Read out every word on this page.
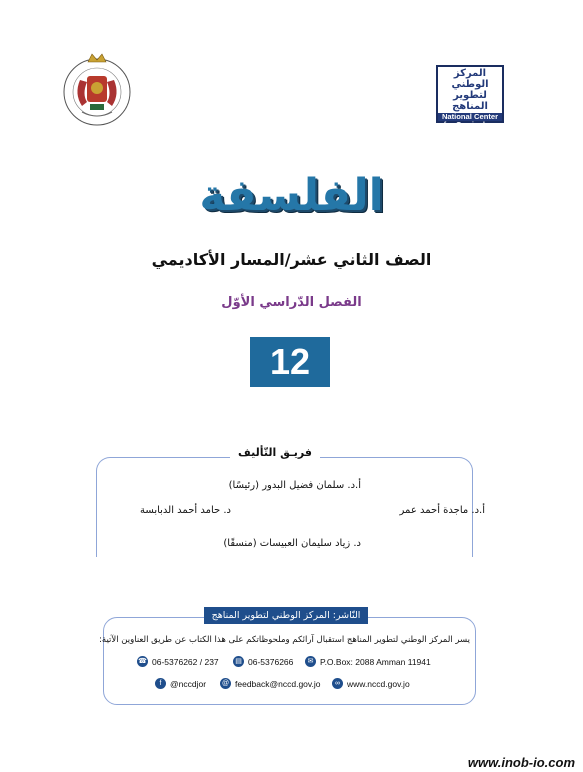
المركز الوطني لتطوير المناهج
National Center
for Curriculum
Development
الفلسفة
الصف الثاني عشر/المسار الأكاديمي
الفصل الدّراسي الأوّل
12
فريـق التّأليف
أ.د. سلمان فضيل البدور (رئيسًا)
أ.د. ماجدة أحمد عمر
د. حامد أحمد الدبابسة
د. زياد سليمان العبيسات (منسقًا)
النّاشر: المركز الوطني لتطوير المناهج
يسر المركز الوطني لتطوير المناهج استقبال آرائكم وملحوظاتكم على هذا الكتاب عن طريق العناوين الآتية:
☎ 06-5376262 / 237	▤ 06-5376266	✉ P.O.Box: 2088 Amman 11941
f	@nccdjor @ feedback@nccd.gov.jo	∞ www.nccd.gov.jo
www.inob-io.com
